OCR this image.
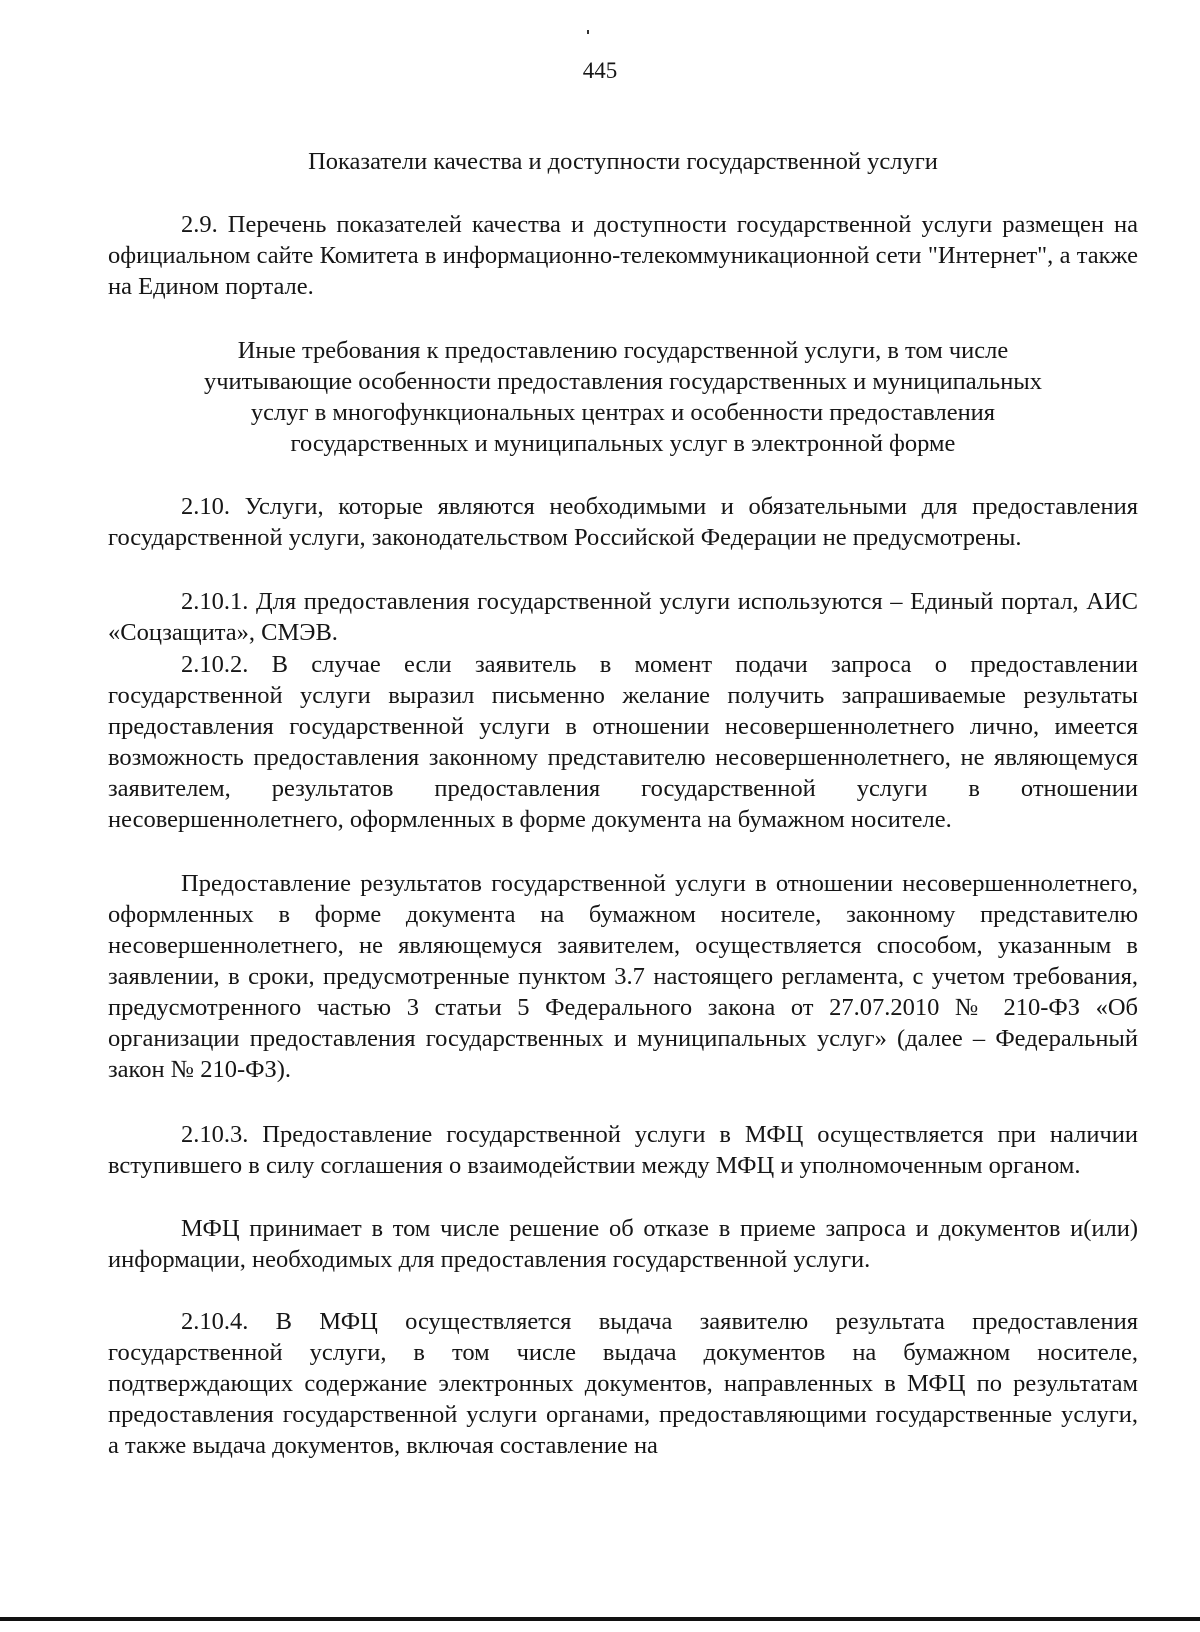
445
Показатели качества и доступности государственной услуги
2.9. Перечень показателей качества и доступности государственной услуги размещен на официальном сайте Комитета в информационно-телекоммуникационной сети "Интернет", а также на Едином портале.
Иные требования к предоставлению государственной услуги, в том числе
учитывающие особенности предоставления государственных и муниципальных
услуг в многофункциональных центрах и особенности предоставления
государственных и муниципальных услуг в электронной форме
2.10. Услуги, которые являются необходимыми и обязательными для предоставления государственной услуги, законодательством Российской Федерации не предусмотрены.
2.10.1. Для предоставления государственной услуги используются – Единый портал, АИС «Соцзащита», СМЭВ.
2.10.2. В случае если заявитель в момент подачи запроса о предоставлении государственной услуги выразил письменно желание получить запрашиваемые результаты предоставления государственной услуги в отношении несовершеннолетнего лично, имеется возможность предоставления законному представителю несовершеннолетнего, не являющемуся заявителем, результатов предоставления государственной услуги в отношении несовершеннолетнего, оформленных в форме документа на бумажном носителе.
Предоставление результатов государственной услуги в отношении несовершеннолетнего, оформленных в форме документа на бумажном носителе, законному представителю несовершеннолетнего, не являющемуся заявителем, осуществляется способом, указанным в заявлении, в сроки, предусмотренные пунктом 3.7 настоящего регламента, с учетом требования, предусмотренного частью 3 статьи 5 Федерального закона от 27.07.2010 № 210-ФЗ «Об организации предоставления государственных и муниципальных услуг» (далее – Федеральный закон № 210-ФЗ).
2.10.3. Предоставление государственной услуги в МФЦ осуществляется при наличии вступившего в силу соглашения о взаимодействии между МФЦ и уполномоченным органом.
МФЦ принимает в том числе решение об отказе в приеме запроса и документов и(или) информации, необходимых для предоставления государственной услуги.
2.10.4. В МФЦ осуществляется выдача заявителю результата предоставления государственной услуги, в том числе выдача документов на бумажном носителе, подтверждающих содержание электронных документов, направленных в МФЦ по результатам предоставления государственной услуги органами, предоставляющими государственные услуги, а также выдача документов, включая составление на
